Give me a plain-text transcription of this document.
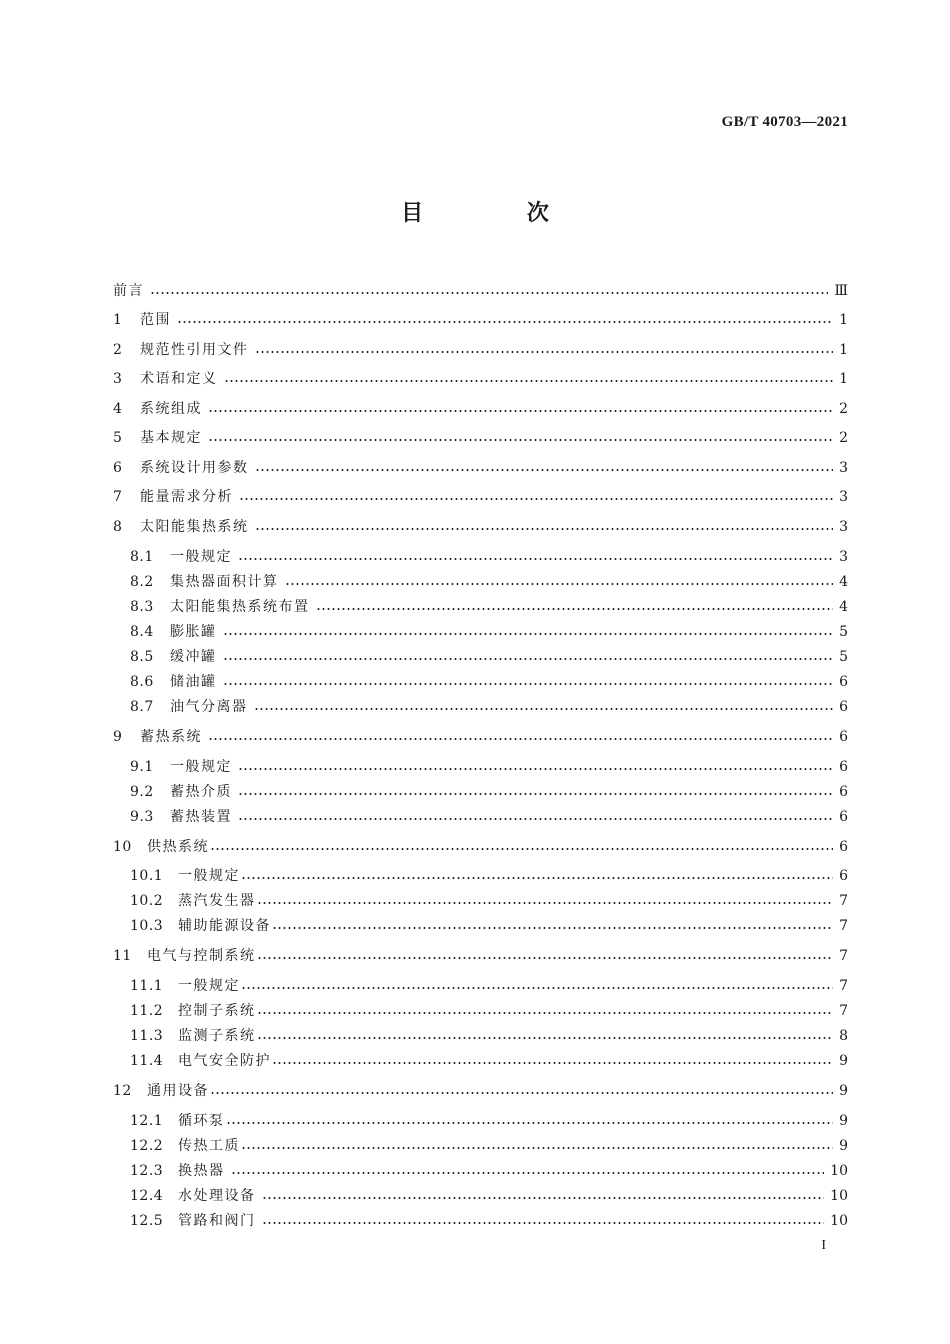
GB/T 40703—2021
目 次
前言	Ⅲ
1	范围	1
2	规范性引用文件	1
3	术语和定义	1
4	系统组成	2
5	基本规定	2
6	系统设计用参数	3
7	能量需求分析	3
8	太阳能集热系统	3
8.1	一般规定	3
8.2	集热器面积计算	4
8.3	太阳能集热系统布置	4
8.4	膨胀罐	5
8.5	缓冲罐	5
8.6	储油罐	6
8.7	油气分离器	6
9	蓄热系统	6
9.1	一般规定	6
9.2	蓄热介质	6
9.3	蓄热装置	6
10	供热系统	6
10.1	一般规定	6
10.2	蒸汽发生器	7
10.3	辅助能源设备	7
11	电气与控制系统	7
11.1	一般规定	7
11.2	控制子系统	7
11.3	监测子系统	8
11.4	电气安全防护	9
12	通用设备	9
12.1	循环泵	9
12.2	传热工质	9
12.3	换热器	10
12.4	水处理设备	10
12.5	管路和阀门	10
I
